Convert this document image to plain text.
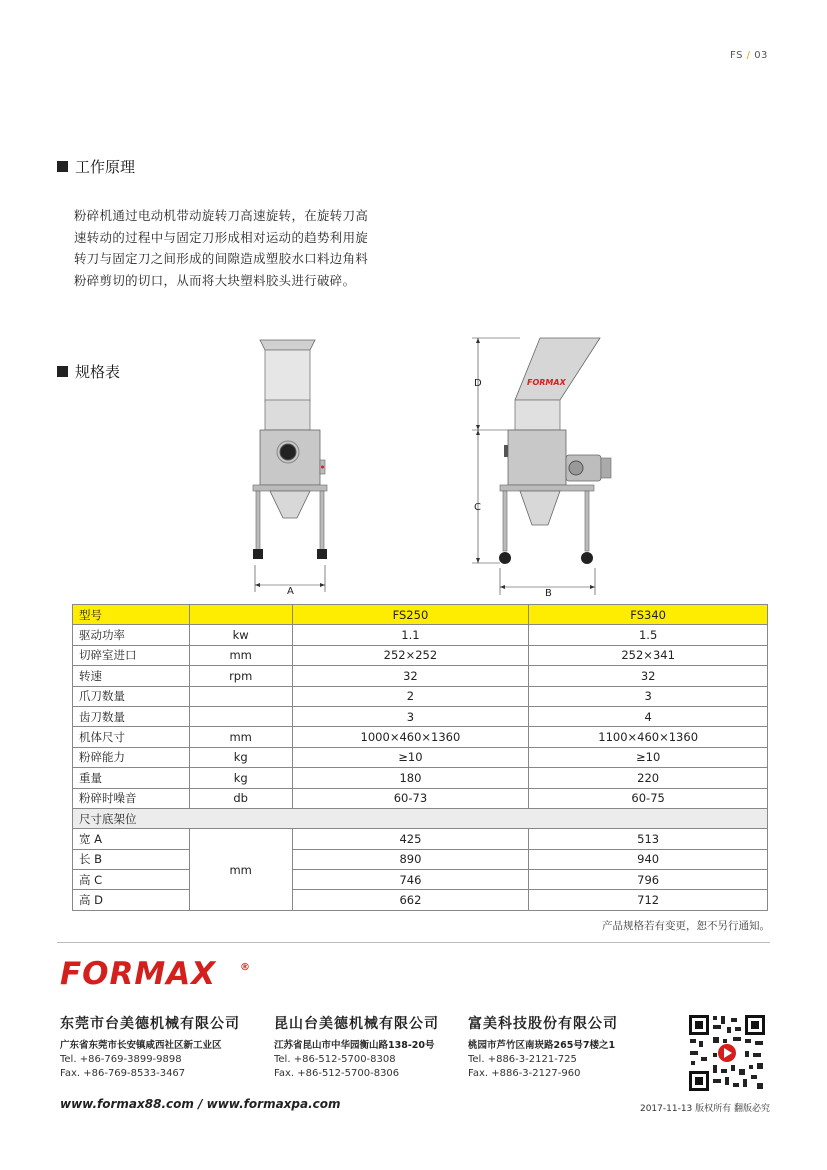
FS / 03
工作原理
粉碎机通过电动机带动旋转刀高速旋转，在旋转刀高
速转动的过程中与固定刀形成相对运动的趋势利用旋
转刀与固定刀之间形成的间隙造成塑胶水口料边角料
粉碎剪切的切口，从而将大块塑料胶头进行破碎。
规格表
A
D
C
FORMAX
B
型号		FS250	FS340
驱动功率	kw	1.1	1.5
切碎室进口	mm	252×252	252×341
转速	rpm	32	32
爪刀数量		2	3
齿刀数量		3	4
机体尺寸	mm	1000×460×1360	1100×460×1360
粉碎能力	kg	≥10	≥10
重量	kg	180	220
粉碎时噪音	db	60-73	60-75
尺寸底架位			
宽 A	mm	425	513
长 B		890	940
高 C		746	796
高 D		662	712
产品规格若有变更，恕不另行通知。
FORMAX ®
东莞市台美德机械有限公司
广东省东莞市长安镇咸西社区新工业区
Tel. +86-769-3899-9898
Fax. +86-769-8533-3467
昆山台美德机械有限公司
江苏省昆山市中华园衡山路138-20号
Tel. +86-512-5700-8308
Fax. +86-512-5700-8306
富美科技股份有限公司
桃园市芦竹区南崁路265号7楼之1
Tel. +886-3-2121-725
Fax. +886-3-2127-960
www.formax88.com / www.formaxpa.com	2017-11-13 版权所有 翻版必究
